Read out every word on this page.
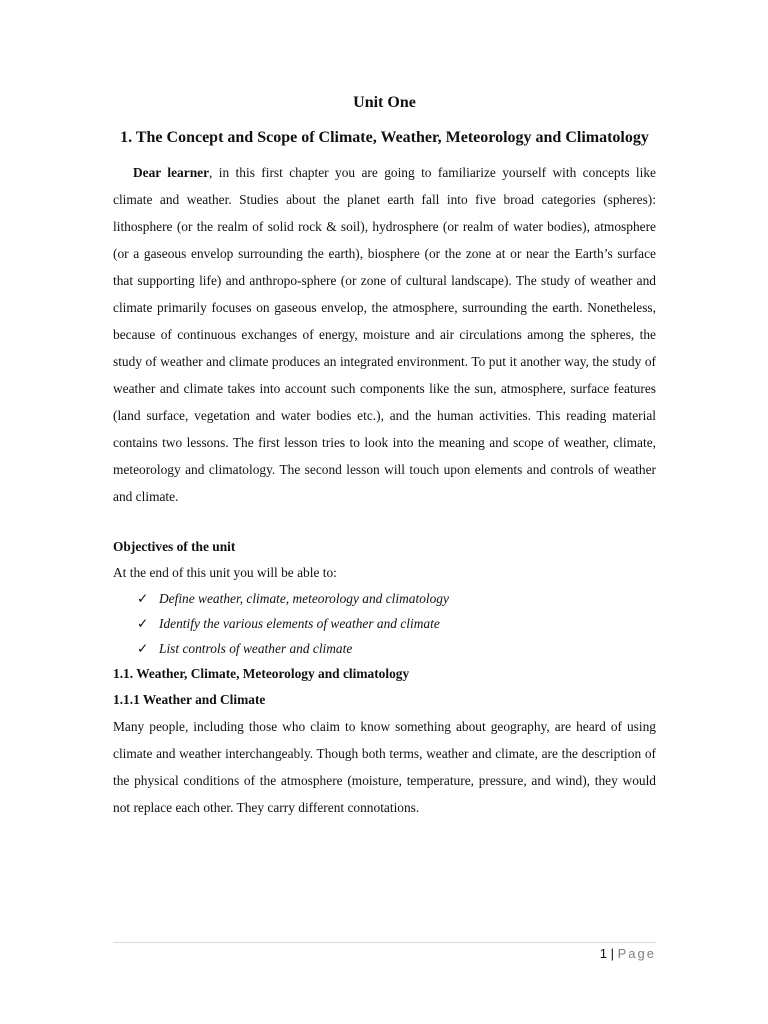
Unit One
1. The Concept and Scope of Climate, Weather, Meteorology and Climatology

Dear learner, in this first chapter you are going to familiarize yourself with concepts like climate and weather. Studies about the planet earth fall into five broad categories (spheres): lithosphere (or the realm of solid rock & soil), hydrosphere (or realm of water bodies), atmosphere (or a gaseous envelop surrounding the earth), biosphere (or the zone at or near the Earth’s surface that supporting life) and anthropo-sphere (or zone of cultural landscape). The study of weather and climate primarily focuses on gaseous envelop, the atmosphere, surrounding the earth. Nonetheless, because of continuous exchanges of energy, moisture and air circulations among the spheres, the study of weather and climate produces an integrated environment. To put it another way, the study of weather and climate takes into account such components like the sun, atmosphere, surface features (land surface, vegetation and water bodies etc.), and the human activities. This reading material contains two lessons. The first lesson tries to look into the meaning and scope of weather, climate, meteorology and climatology. The second lesson will touch upon elements and controls of weather and climate.

Objectives of the unit

At the end of this unit you will be able to:

✓ Define weather, climate, meteorology and climatology
✓ Identify the various elements of weather and climate
✓ List controls of weather and climate
1.1. Weather, Climate, Meteorology and climatology
1.1.1 Weather and Climate

Many people, including those who claim to know something about geography, are heard of using climate and weather interchangeably. Though both terms, weather and climate, are the description of the physical conditions of the atmosphere (moisture, temperature, pressure, and wind), they would not replace each other. They carry different connotations.

1 | Page
